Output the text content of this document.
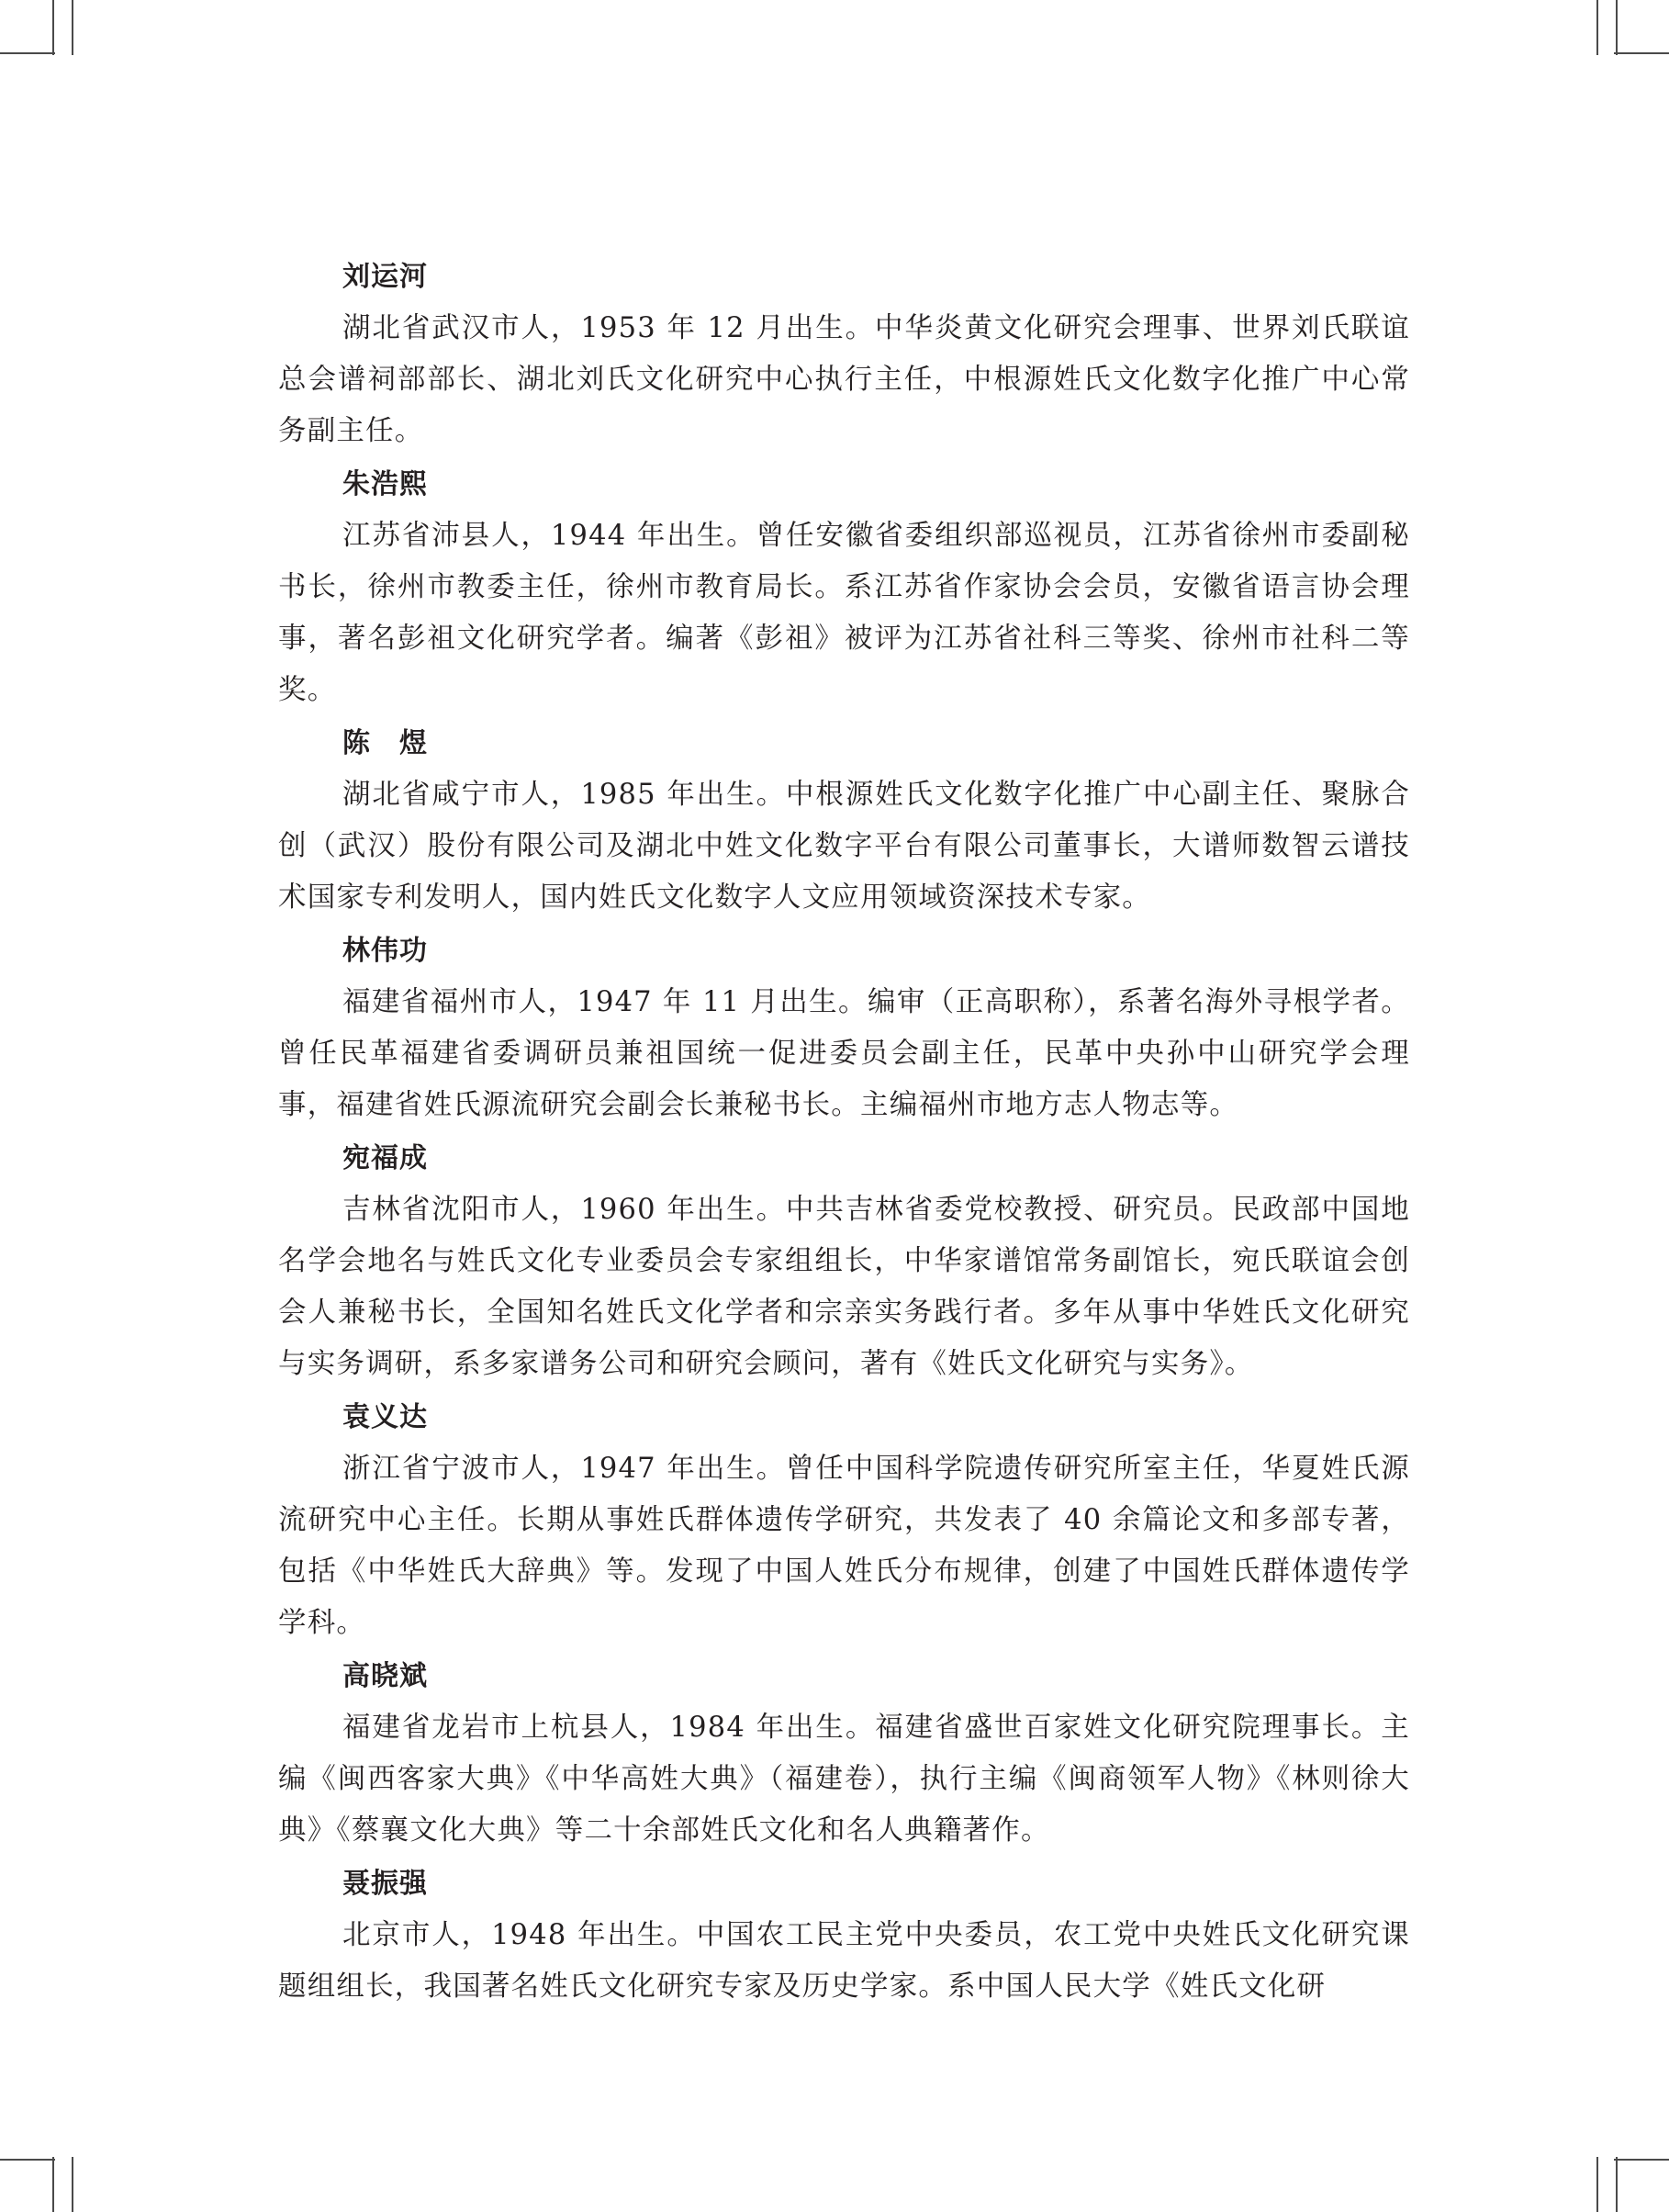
刘运河

湖北省武汉市人，1953 年 12 月出生。中华炎黄文化研究会理事、世界刘氏联谊总会谱祠部部长、湖北刘氏文化研究中心执行主任，中根源姓氏文化数字化推广中心常务副主任。

朱浩熙

江苏省沛县人，1944 年出生。曾任安徽省委组织部巡视员，江苏省徐州市委副秘书长，徐州市教委主任，徐州市教育局长。系江苏省作家协会会员，安徽省语言协会理事，著名彭祖文化研究学者。编著《彭祖》被评为江苏省社科三等奖、徐州市社科二等奖。

陈　煜

湖北省咸宁市人，1985 年出生。中根源姓氏文化数字化推广中心副主任、聚脉合创（武汉）股份有限公司及湖北中姓文化数字平台有限公司董事长，大谱师数智云谱技术国家专利发明人，国内姓氏文化数字人文应用领域资深技术专家。

林伟功

福建省福州市人，1947 年 11 月出生。编审（正高职称），系著名海外寻根学者。曾任民革福建省委调研员兼祖国统一促进委员会副主任，民革中央孙中山研究学会理事，福建省姓氏源流研究会副会长兼秘书长。主编福州市地方志人物志等。

宛福成

吉林省沈阳市人，1960 年出生。中共吉林省委党校教授、研究员。民政部中国地名学会地名与姓氏文化专业委员会专家组组长，中华家谱馆常务副馆长，宛氏联谊会创会人兼秘书长，全国知名姓氏文化学者和宗亲实务践行者。多年从事中华姓氏文化研究与实务调研，系多家谱务公司和研究会顾问，著有《姓氏文化研究与实务》。

袁义达

浙江省宁波市人，1947 年出生。曾任中国科学院遗传研究所室主任，华夏姓氏源流研究中心主任。长期从事姓氏群体遗传学研究，共发表了 40 余篇论文和多部专著，包括《中华姓氏大辞典》等。发现了中国人姓氏分布规律，创建了中国姓氏群体遗传学学科。

高晓斌

福建省龙岩市上杭县人，1984 年出生。福建省盛世百家姓文化研究院理事长。主编《闽西客家大典》《中华高姓大典》（福建卷），执行主编《闽商领军人物》《林则徐大典》《蔡襄文化大典》等二十余部姓氏文化和名人典籍著作。

聂振强

北京市人，1948 年出生。中国农工民主党中央委员，农工党中央姓氏文化研究课题组组长，我国著名姓氏文化研究专家及历史学家。系中国人民大学《姓氏文化研
